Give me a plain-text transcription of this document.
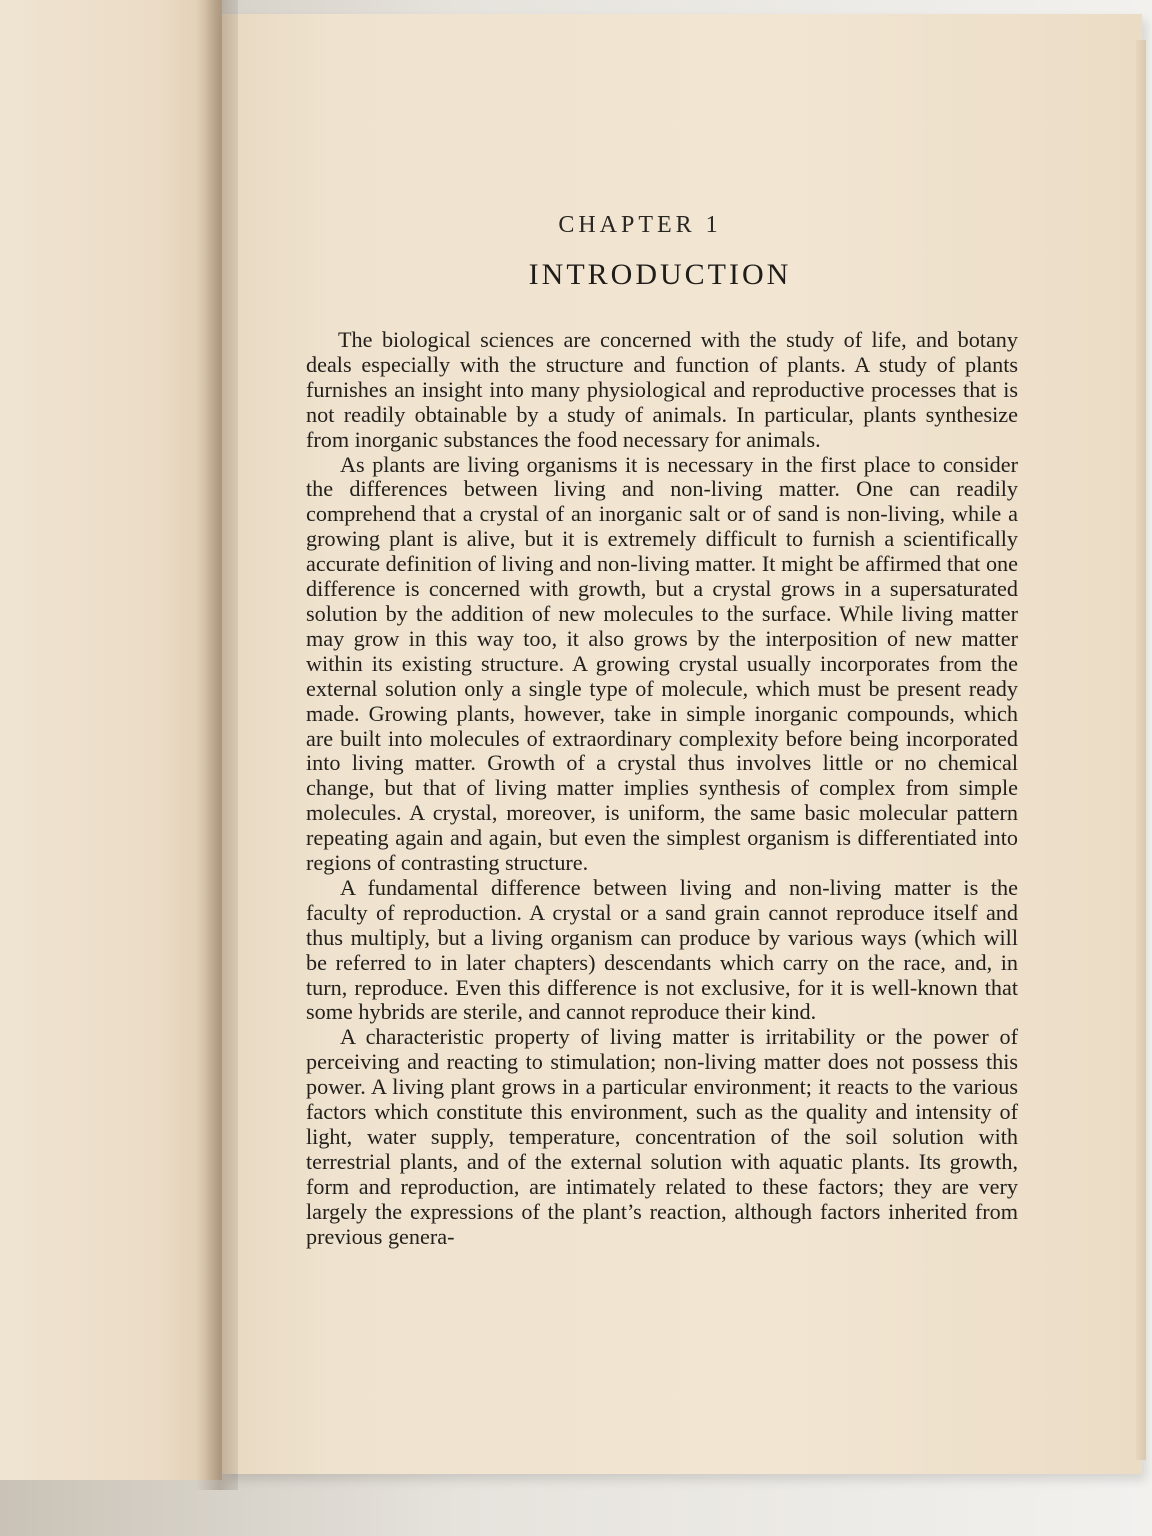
CHAPTER 1
INTRODUCTION

The biological sciences are concerned with the study of life, and botany deals especially with the structure and function of plants. A study of plants furnishes an insight into many physiological and reproductive processes that is not readily obtainable by a study of animals. In particular, plants synthesize from inorganic substances the food necessary for animals.

As plants are living organisms it is necessary in the first place to consider the differences between living and non-living matter. One can readily comprehend that a crystal of an inorganic salt or of sand is non-living, while a growing plant is alive, but it is extremely difficult to furnish a scientifically accurate definition of living and non-living matter. It might be affirmed that one difference is concerned with growth, but a crystal grows in a supersaturated solution by the addition of new molecules to the surface. While living matter may grow in this way too, it also grows by the interposition of new matter within its existing structure. A growing crystal usually incorporates from the external solution only a single type of molecule, which must be present ready made. Growing plants, however, take in simple inorganic compounds, which are built into molecules of extraordinary complexity before being incorporated into living matter. Growth of a crystal thus involves little or no chemical change, but that of living matter implies synthesis of complex from simple molecules. A crystal, moreover, is uniform, the same basic molecular pattern repeating again and again, but even the simplest organism is differentiated into regions of contrasting structure.

A fundamental difference between living and non-living matter is the faculty of reproduction. A crystal or a sand grain cannot reproduce itself and thus multiply, but a living organism can produce by various ways (which will be referred to in later chapters) descendants which carry on the race, and, in turn, reproduce. Even this difference is not exclusive, for it is well-known that some hybrids are sterile, and cannot reproduce their kind.

A characteristic property of living matter is irritability or the power of perceiving and reacting to stimulation; non-living matter does not possess this power. A living plant grows in a particular environment; it reacts to the various factors which constitute this environment, such as the quality and intensity of light, water supply, temperature, concentration of the soil solution with terrestrial plants, and of the external solution with aquatic plants. Its growth, form and reproduction, are intimately related to these factors; they are very largely the expressions of the plant’s reaction, although factors inherited from previous genera-
